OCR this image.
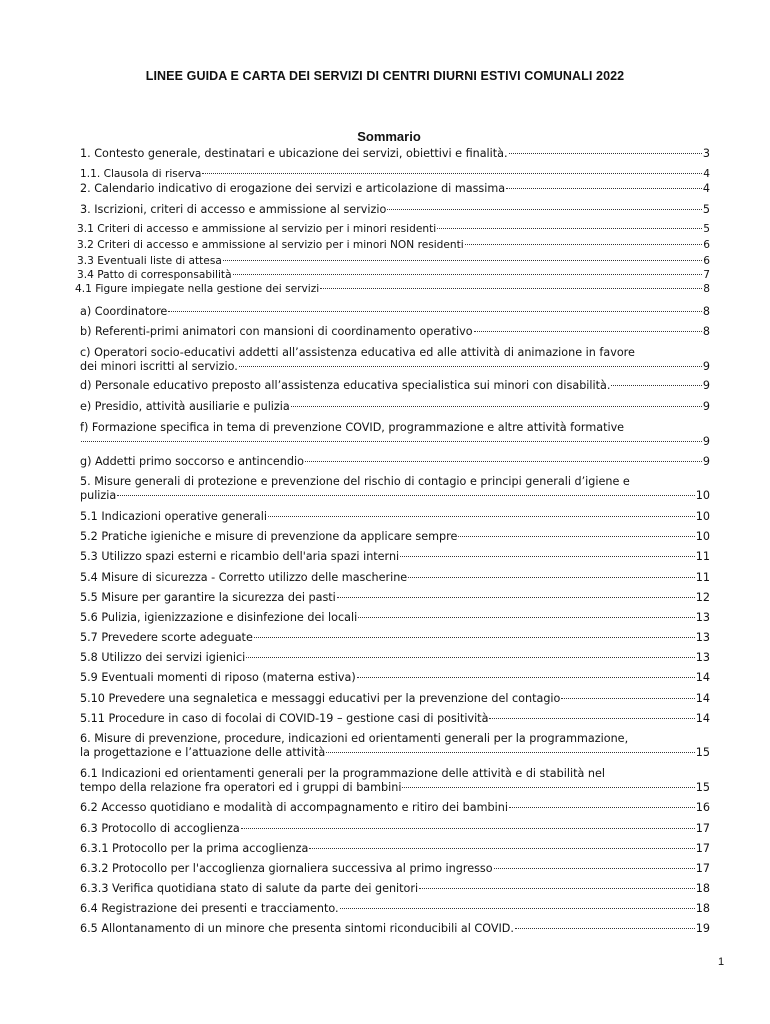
LINEE GUIDA E CARTA DEI SERVIZI DI CENTRI DIURNI ESTIVI COMUNALI 2022
Sommario
1. Contesto generale, destinatari e ubicazione dei servizi, obiettivi e finalità.	3
1.1. Clausola di riserva	4
2. Calendario indicativo di erogazione dei servizi e articolazione di massima	4
3. Iscrizioni, criteri di accesso e ammissione al servizio	5
3.1 Criteri di accesso e ammissione al servizio per i minori residenti	5
3.2 Criteri di accesso e ammissione al servizio per i minori NON residenti	6
3.3 Eventuali liste di attesa	6
3.4 Patto di corresponsabilità	7
4.1 Figure impiegate nella gestione dei servizi	8
a) Coordinatore	8
b) Referenti-primi animatori con mansioni di coordinamento operativo	8
c) Operatori socio-educativi addetti all’assistenza educativa ed alle attività di animazione in favore
dei minori iscritti al servizio.	9
d) Personale educativo preposto all’assistenza educativa specialistica sui minori con disabilità.	9
e) Presidio, attività ausiliarie e pulizia	9
f) Formazione specifica in tema di prevenzione COVID, programmazione e altre attività formative
9
g) Addetti primo soccorso e antincendio	9
5. Misure generali di protezione e prevenzione del rischio di contagio e principi generali d’igiene e
pulizia	10
5.1 Indicazioni operative generali	10
5.2 Pratiche igieniche e misure di prevenzione da applicare sempre	10
5.3 Utilizzo spazi esterni e ricambio dell'aria spazi interni	11
5.4 Misure di sicurezza - Corretto utilizzo delle mascherine	11
5.5 Misure per garantire la sicurezza dei pasti	12
5.6 Pulizia, igienizzazione e disinfezione dei locali	13
5.7 Prevedere scorte adeguate	13
5.8 Utilizzo dei servizi igienici	13
5.9 Eventuali momenti di riposo (materna estiva)	14
5.10 Prevedere una segnaletica e messaggi educativi per la prevenzione del contagio	14
5.11 Procedure in caso di focolai di COVID-19 – gestione casi di positività	14
6. Misure di prevenzione, procedure, indicazioni ed orientamenti generali per la programmazione,
la progettazione e l’attuazione delle attività	15
6.1 Indicazioni ed orientamenti generali per la programmazione delle attività e di stabilità nel
tempo della relazione fra operatori ed i gruppi di bambini	15
6.2 Accesso quotidiano e modalità di accompagnamento e ritiro dei bambini	16
6.3 Protocollo di accoglienza	17
6.3.1 Protocollo per la prima accoglienza	17
6.3.2 Protocollo per l'accoglienza giornaliera successiva al primo ingresso	17
6.3.3 Verifica quotidiana stato di salute da parte dei genitori	18
6.4 Registrazione dei presenti e tracciamento.	18
6.5 Allontanamento di un minore che presenta sintomi riconducibili al COVID.	19
1
